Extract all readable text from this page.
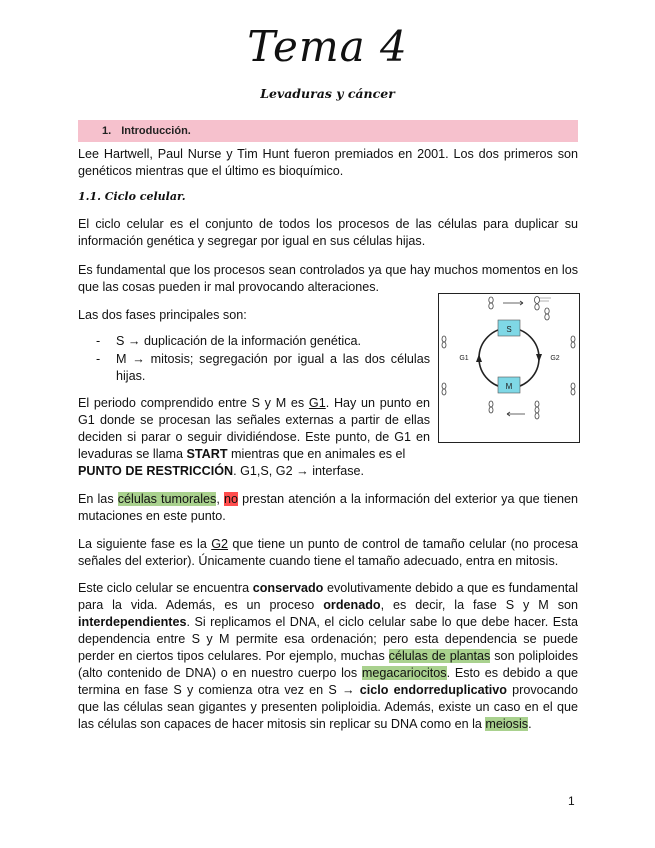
Tema 4
Levaduras y cáncer
1. Introducción.
Lee Hartwell, Paul Nurse y Tim Hunt fueron premiados en 2001. Los dos primeros son genéticos mientras que el último es bioquímico.
1.1. Ciclo celular.
El ciclo celular es el conjunto de todos los procesos de las células para duplicar su información genética y segregar por igual en sus células hijas.
Es fundamental que los procesos sean controlados ya que hay muchos momentos en los que las cosas pueden ir mal provocando alteraciones.
Las dos fases principales son:
- S → duplicación de la información genética.
- M → mitosis; segregación por igual a las dos células hijas.
El periodo comprendido entre S y M es G1. Hay un punto en G1 donde se procesan las señales externas a partir de ellas deciden si parar o seguir dividiéndose. Este punto, de G1 en levaduras se llama START mientras que en animales es el
PUNTO DE RESTRICCIÓN. G1,S, G2 → interfase.
En las células tumorales, no prestan atención a la información del exterior ya que tienen mutaciones en este punto.
La siguiente fase es la G2 que tiene un punto de control de tamaño celular (no procesa señales del exterior). Únicamente cuando tiene el tamaño adecuado, entra en mitosis.
Este ciclo celular se encuentra conservado evolutivamente debido a que es fundamental para la vida. Además, es un proceso ordenado, es decir, la fase S y M son interdependientes. Si replicamos el DNA, el ciclo celular sabe lo que debe hacer. Esta dependencia entre S y M permite esa ordenación; pero esta dependencia se puede perder en ciertos tipos celulares. Por ejemplo, muchas células de plantas son poliploides (alto contenido de DNA) o en nuestro cuerpo los megacariocitos. Esto es debido a que termina en fase S y comienza otra vez en S → ciclo endorreduplicativo provocando que las células sean gigantes y presenten poliploidia. Además, existe un caso en el que las células son capaces de hacer mitosis sin replicar su DNA como en la meiosis.
S
M
G1	G2
1
